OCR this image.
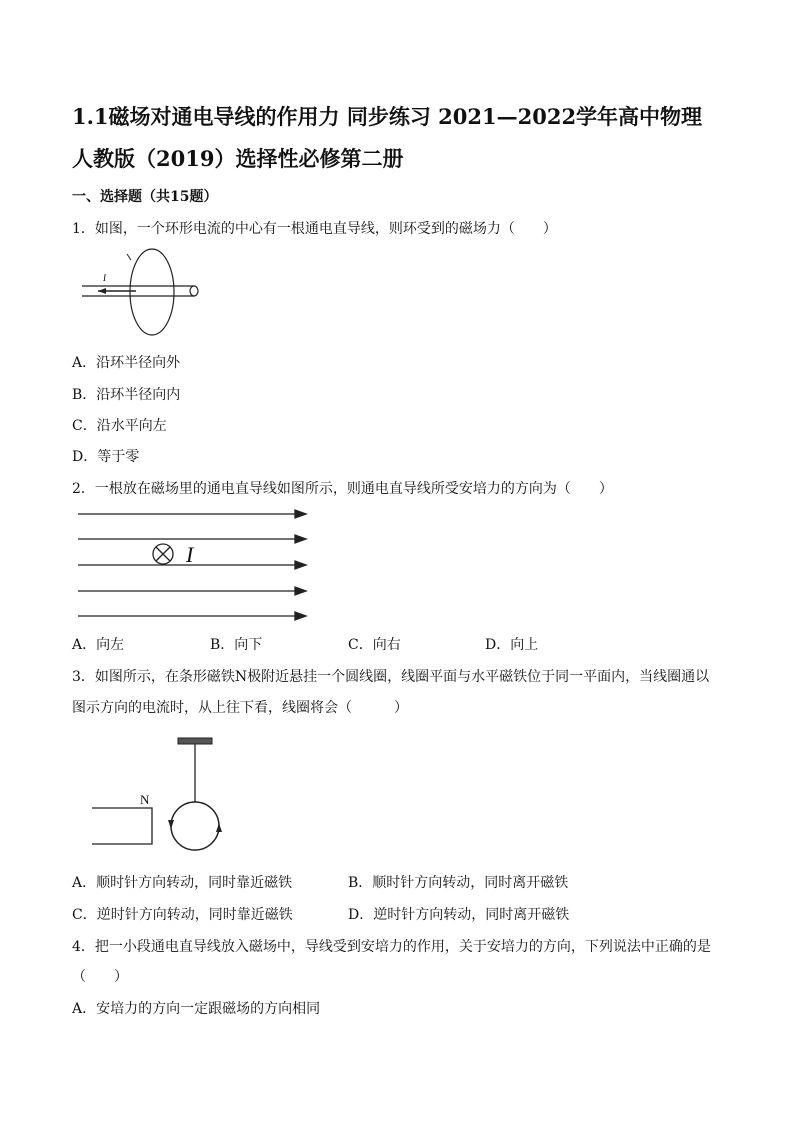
1.1磁场对通电导线的作用力 同步练习 2021—2022学年高中物理人教版（2019）选择性必修第二册
一、选择题（共15题）
1．如图，一个环形电流的中心有一根通电直导线，则环受到的磁场力（　　）
I
A．沿环半径向外
B．沿环半径向内
C．沿水平向左
D．等于零
2．一根放在磁场里的通电直导线如图所示，则通电直导线所受安培力的方向为（　　）
I
A．向左	B．向下	C．向右	D．向上
3．如图所示，在条形磁铁N极附近悬挂一个圆线圈，线圈平面与水平磁铁位于同一平面内，当线圈通以
图示方向的电流时，从上往下看，线圈将会（　　　）
N
A．顺时针方向转动，同时靠近磁铁	B．顺时针方向转动，同时离开磁铁
C．逆时针方向转动，同时靠近磁铁	D．逆时针方向转动，同时离开磁铁
4．把一小段通电直导线放入磁场中，导线受到安培力的作用，关于安培力的方向，下列说法中正确的是
（　　）
A．安培力的方向一定跟磁场的方向相同
